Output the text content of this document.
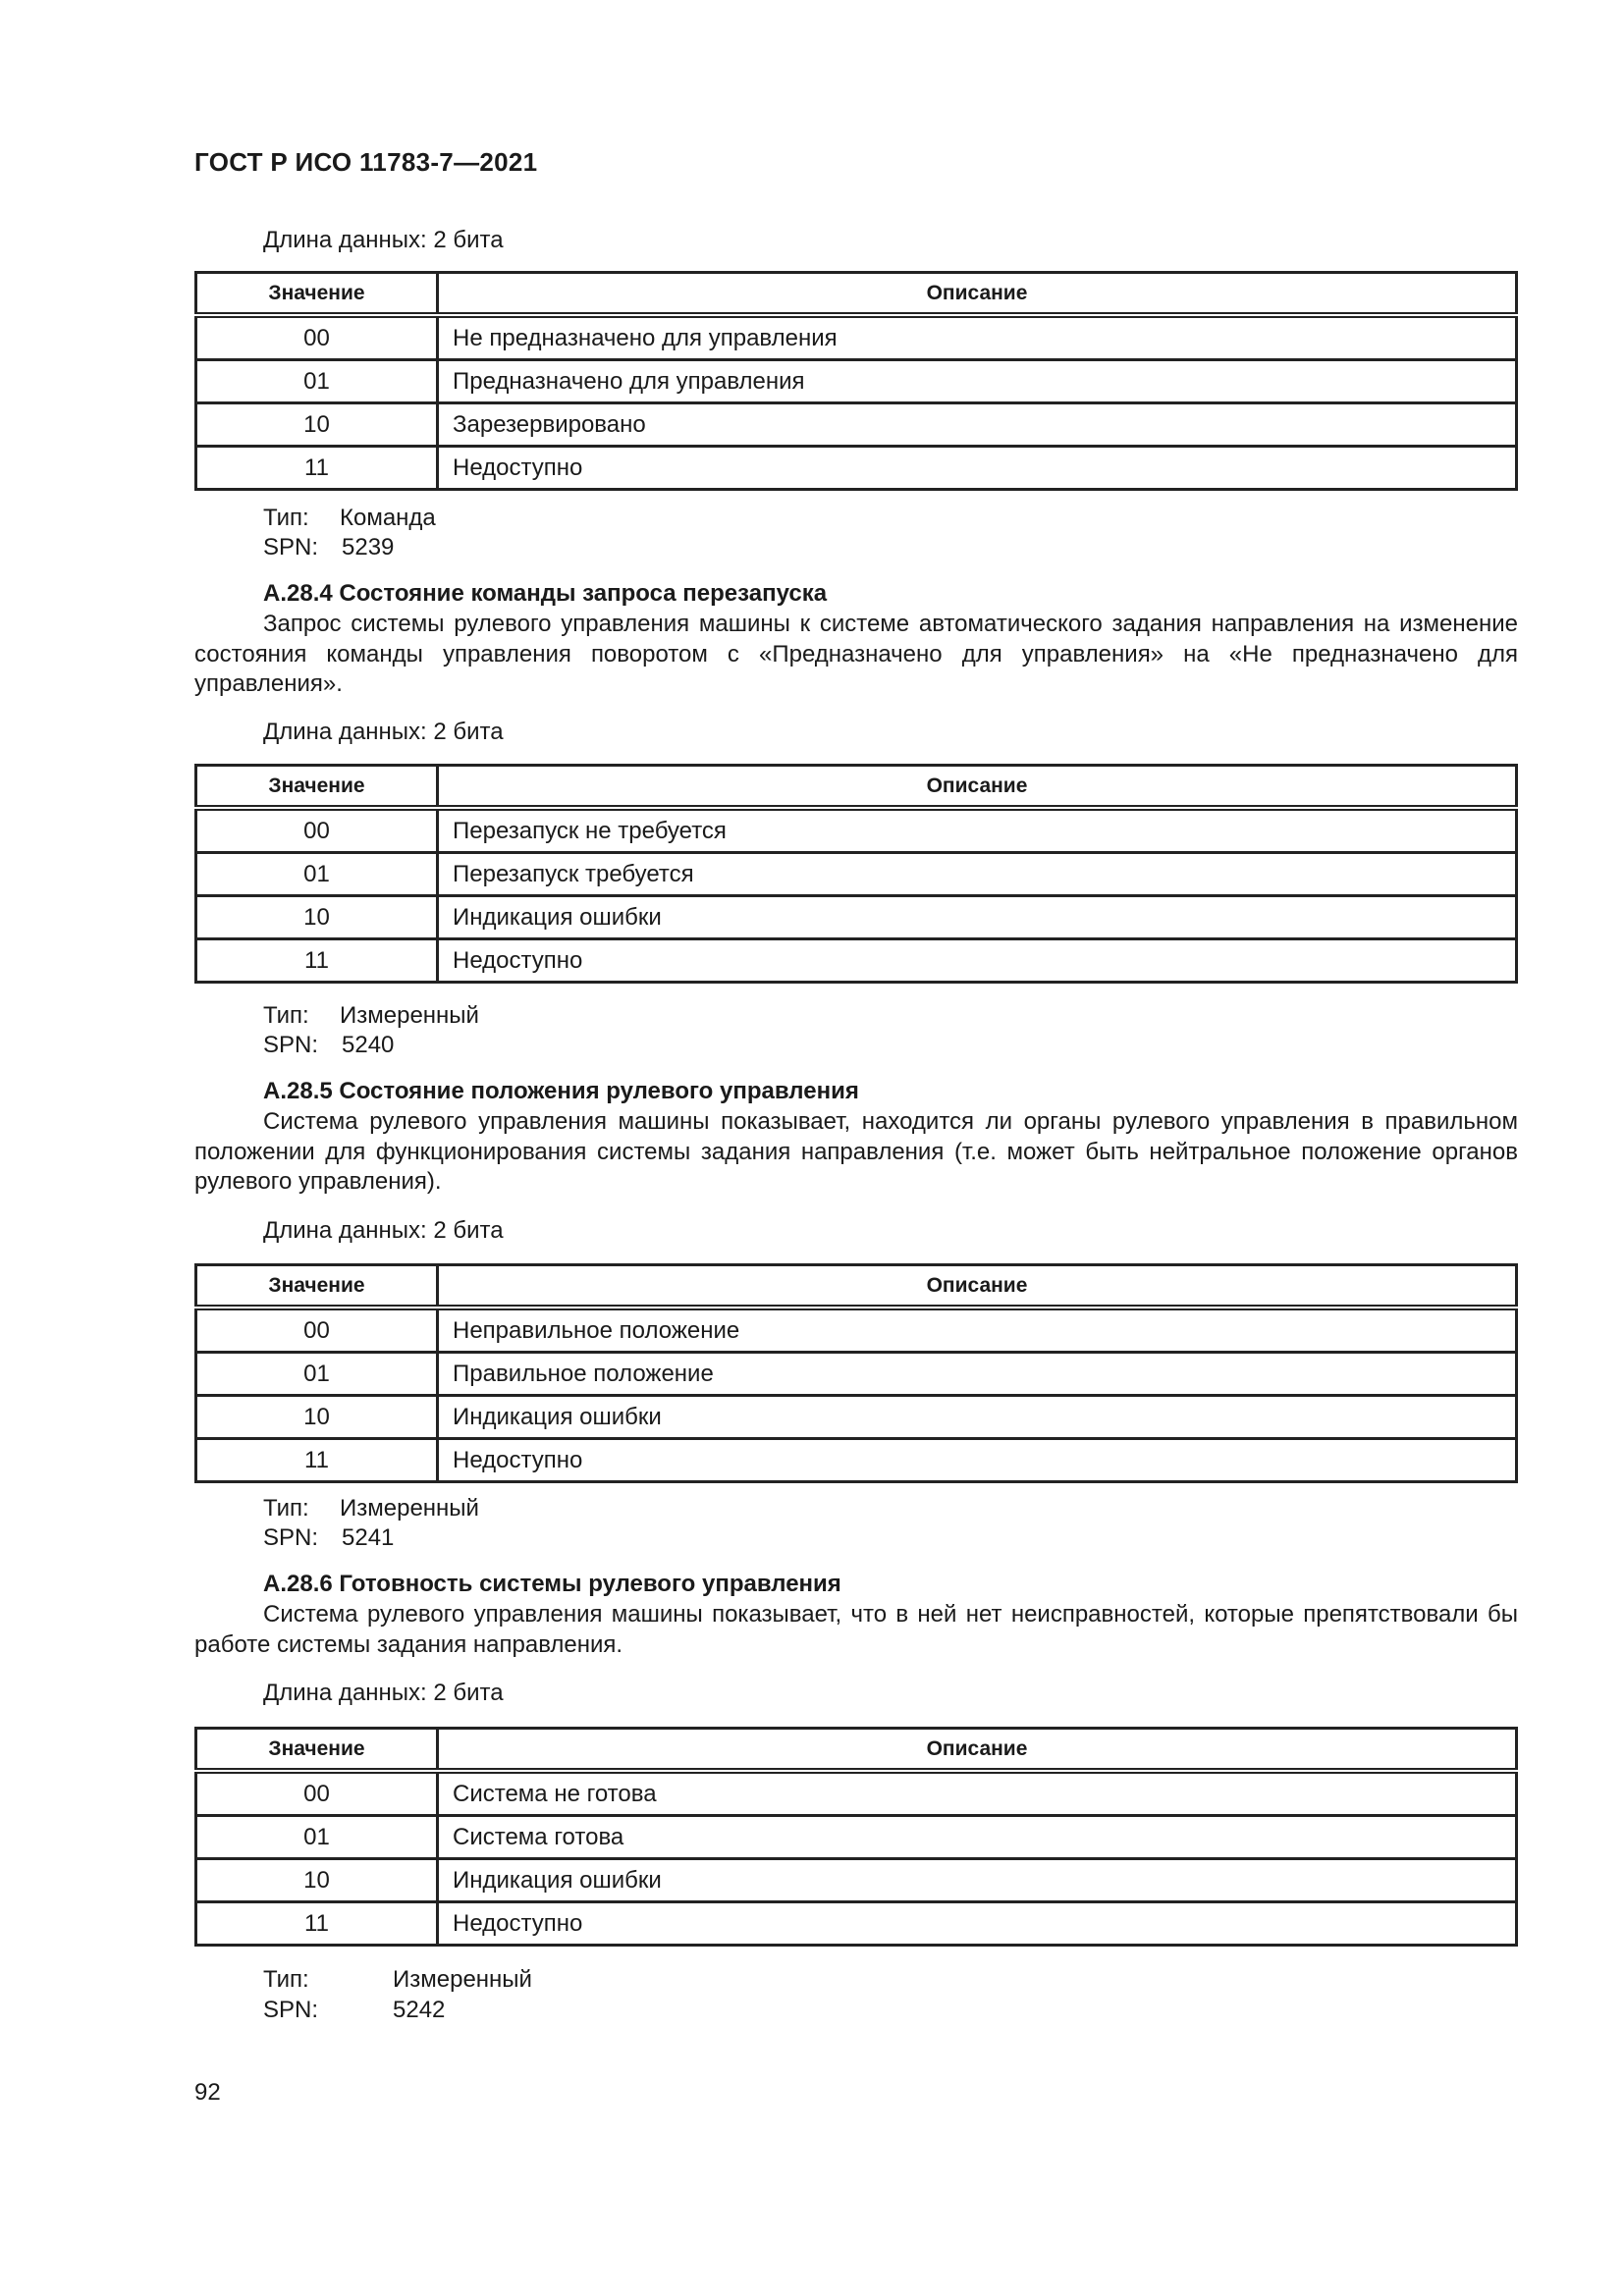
ГОСТ Р ИСО 11783-7—2021
Длина данных: 2 бита
Значение	Описание
00	Не предназначено для управления
01	Предназначено для управления
10	Зарезервировано
11	Недоступно
Тип: Команда
SPN: 5239
А.28.4 Состояние команды запроса перезапуска
Запрос системы рулевого управления машины к системе автоматического задания направления на изменение состояния команды управления поворотом с «Предназначено для управления» на «Не предназначено для управления».
Длина данных: 2 бита
Значение	Описание
00	Перезапуск не требуется
01	Перезапуск требуется
10	Индикация ошибки
11	Недоступно
Тип: Измеренный
SPN: 5240
А.28.5 Состояние положения рулевого управления
Система рулевого управления машины показывает, находится ли органы рулевого управления в правильном положении для функционирования системы задания направления (т.е. может быть нейтральное положение органов рулевого управления).
Длина данных: 2 бита
Значение	Описание
00	Неправильное положение
01	Правильное положение
10	Индикация ошибки
11	Недоступно
Тип: Измеренный
SPN: 5241
А.28.6 Готовность системы рулевого управления
Система рулевого управления машины показывает, что в ней нет неисправностей, которые препятствовали бы работе системы задания направления.
Длина данных: 2 бита
Значение	Описание
00	Система не готова
01	Система готова
10	Индикация ошибки
11	Недоступно
Тип:	Измеренный
SPN:	5242
92
